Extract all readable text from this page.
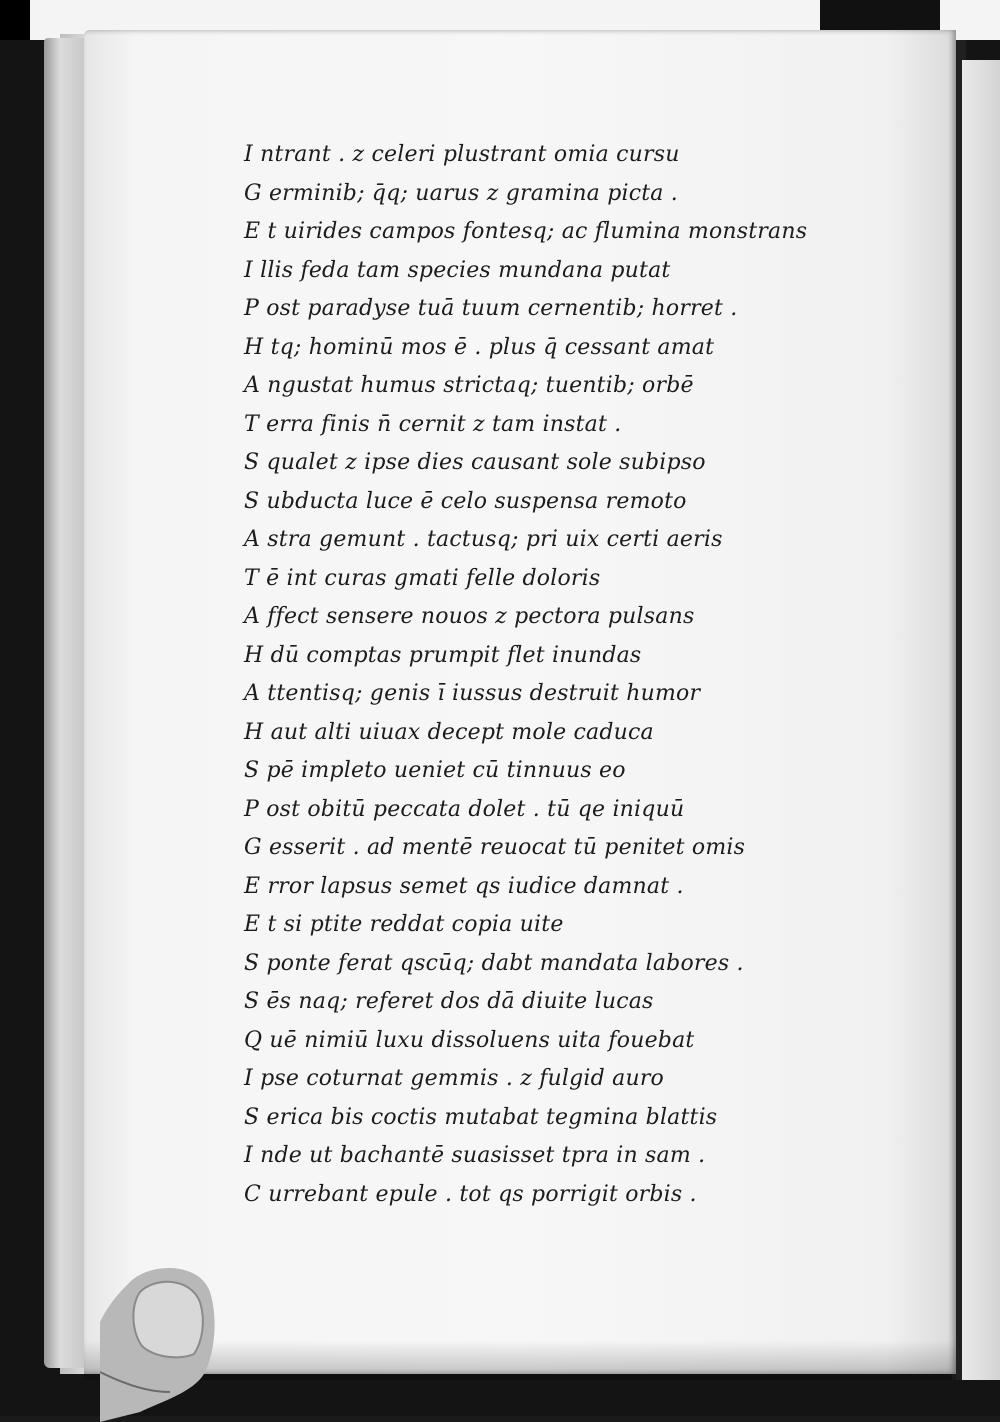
I ntrant . z celeri plustrant omia cursu
G erminib; q̄q; uarus z gramina picta .
E t uirides campos fontesq; ac flumina monstrans
I llis feda tam species mundana putat
P ost paradyse tuā tuum cernentib; horret .
H tq; hominū mos ē . plus q̄ cessant amat
A ngustat humus strictaq; tuentib; orbē
T erra finis n̄ cernit z tam instat .
S qualet z ipse dies causant sole subipso
S ubducta luce ē celo suspensa remoto
A stra gemunt . tactusq; pri uix certi aeris
T ē int curas gmati felle doloris
A ffect sensere nouos z pectora pulsans
H dū comptas prumpit flet inundas
A ttentisq; genis ī iussus destruit humor
H aut alti uiuax decept mole caduca
S pē impleto ueniet cū tinnuus eo
P ost obitū peccata dolet . tū qe iniquū
G esserit . ad mentē reuocat tū penitet omis
E rror lapsus semet qs iudice damnat .
E t si ptite reddat copia uite
S ponte ferat qscūq; dabt mandata labores .
S ēs naq; referet dos dā diuite lucas
Q uē nimiū luxu dissoluens uita fouebat
I pse coturnat gemmis . z fulgid auro
S erica bis coctis mutabat tegmina blattis
I nde ut bachantē suasisset tpra in sam .
C urrebant epule . tot qs porrigit orbis .
